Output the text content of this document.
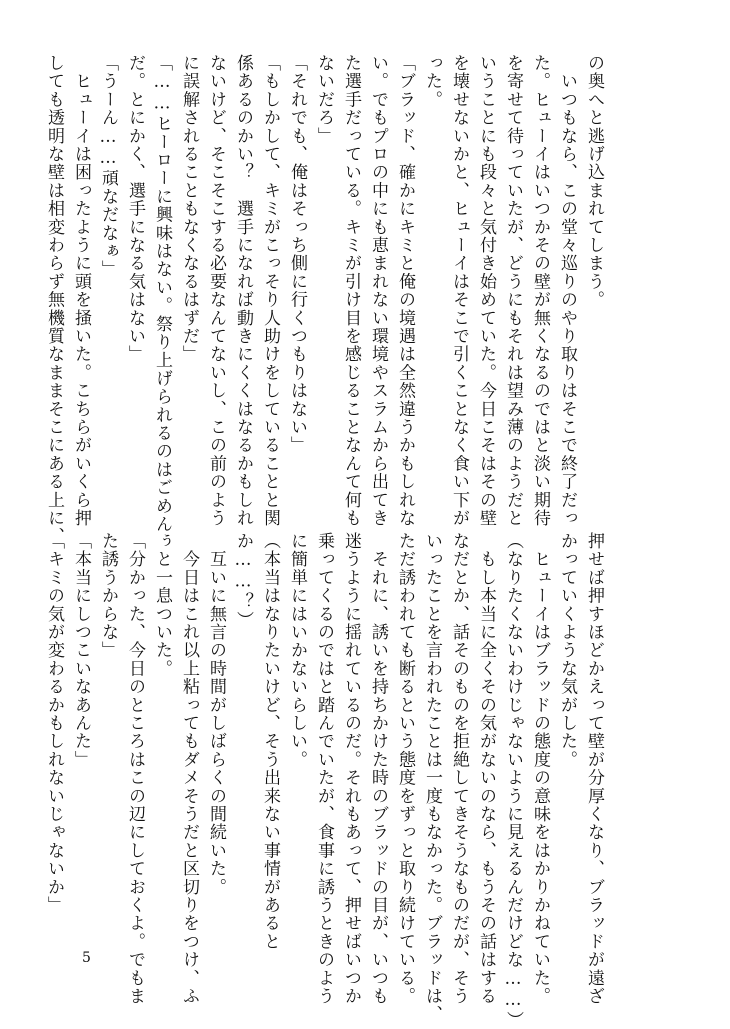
の奥へと逃げ込まれてしまう。
　いつもなら、この堂々巡りのやり取りはそこで終了だっ
た。ヒューイはいつかその壁が無くなるのではと淡い期待
を寄せて待っていたが、どうにもそれは望み薄のようだと
いうことにも段々と気付き始めていた。今日こそはその壁
を壊せないかと、ヒューイはそこで引くことなく食い下が
った。
「ブラッド、確かにキミと俺の境遇は全然違うかもしれな
い。でもプロの中にも恵まれない環境やスラムから出てき
た選手だっている。キミが引け目を感じることなんて何も
ないだろ」
「それでも、俺はそっち側に行くつもりはない」
「もしかして、キミがこっそり人助けをしていることと関
係あるのかい？　選手になれば動きにくくはなるかもしれ
ないけど、そこそこする必要なんてないし、この前のよう
に誤解されることもなくなるはずだ」
「……ヒーローに興味はない。祭り上げられるのはごめん
だ。とにかく、選手になる気はない」
「うーん……頑なだなぁ」
　ヒューイは困ったように頭を掻いた。こちらがいくら押
しても透明な壁は相変わらず無機質なままそこにある上に、
押せば押すほどかえって壁が分厚くなり、ブラッドが遠ざ
かっていくような気がした。
　ヒューイはブラッドの態度の意味をはかりかねていた。
（なりたくないわけじゃないように見えるんだけどな……）
　もし本当に全くその気がないのなら、もうその話はする
なだとか、話そのものを拒絶してきそうなものだが、そう
いったことを言われたことは一度もなかった。ブラッドは、
ただ誘われても断るという態度をずっと取り続けている。
　それに、誘いを持ちかけた時のブラッドの目が、いつも
迷うように揺れているのだ。それもあって、押せばいつか
乗ってくるのではと踏んでいたが、食事に誘うときのよう
に簡単にはいかないらしい。
（本当はなりたいけど、そう出来ない事情があると
か……？）
　互いに無言の時間がしばらくの間続いた。
　今日はこれ以上粘ってもダメそうだと区切りをつけ、ふ
ぅと一息ついた。
「分かった、今日のところはこの辺にしておくよ。でもま
た誘うからな」
「本当にしつこいなあんた」
「キミの気が変わるかもしれないじゃないか」
5
